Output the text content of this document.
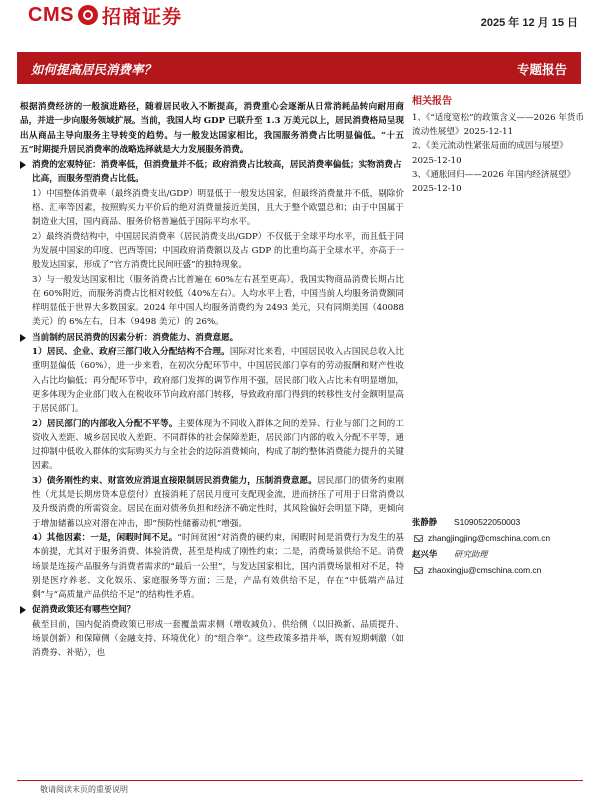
CMS 招商证券	2025 年 12 月 15 日
如何提高居民消费率？	专题报告
根据消费经济的一般演进路径，随着居民收入不断提高，消费重心会逐渐从日常消耗品转向耐用商品，并进一步向服务领域扩展。当前，我国人均 GDP 已联升至 1.3 万美元以上，居民消费格局呈现出从商品主导向服务主导转变的趋势。与一般发达国家相比，我国服务消费占比明显偏低。“十五五”时期提升居民消费率的战略选择就是大力发展服务消费。
消费的宏观特征：消费率低，但消费量并不低；政府消费占比较高，居民消费率偏低；实物消费占比高，而服务型消费占比低。
1）中国整体消费率（最终消费支出/GDP）明显低于一般发达国家，但最终消费量并不低，剔除价格、汇率等因素，按照购买力平价后的绝对消费量接近美国，且大于整个欧盟总和；由于中国属于制造业大国，国内商品、服务价格普遍低于国际平均水平。
2）最终消费结构中，中国居民消费率（居民消费支出/GDP）不仅低于全球平均水平，而且低于同为发展中国家的印度、巴西等国；中国政府消费额以及占 GDP 的比重均高于全球水平，亦高于一般发达国家，形成了“官方消费比民间旺盛”的独特现象。
3）与一般发达国家相比（服务消费占比普遍在 60%左右甚至更高），我国实物商品消费长期占比在 60%附近，而服务消费占比相对较低（40%左右）。人均水平上看，中国当前人均服务消费额同样明显低于世界大多数国家。2024 年中国人均服务消费约为 2493 美元，只有同期美国（40088 美元）的 6%左右，日本（9498 美元）的 26%。
当前制约居民消费的因素分析：消费能力、消费意愿。
1）居民、企业、政府三部门收入分配结构不合理。国际对比来看，中国居民收入占国民总收入比重明显偏低（60%），进一步来看，在初次分配环节中，中国居民部门享有的劳动报酬和财产性收入占比均偏低；再分配环节中，政府部门发挥的调节作用不强，居民部门收入占比未有明显增加，更多体现为企业部门收入在税收环节向政府部门转移，导致政府部门得到的转移性支付金额明显高于居民部门。
2）居民部门的内部收入分配不平等。主要体现为不同收入群体之间的差异、行业与部门之间的工资收入差距、城乡居民收入差距、不同群体的社会保障差距，居民部门内部的收入分配不平等，通过抑制中低收入群体的实际购买力与全社会的边际消费倾向，构成了制约整体消费能力提升的关键因素。
3）债务刚性约束、财富效应消退直接限制居民消费能力，压制消费意愿。居民部门的债务约束刚性（尤其是长期房贷本息偿付）直接消耗了居民月度可支配现金流，进而挤压了可用于日常消费以及升级消费的所需资金。居民在面对债务负担和经济不确定性时，其风险偏好会明显下降，更倾向于增加储蓄以应对潜在冲击，即“预防性储蓄动机”增强。
4）其他因素：一是，闲暇时间不足。“时间贫困”对消费的硬约束，闲暇时间是消费行为发生的基本前提，尤其对于服务消费、体验消费，甚至是构成了刚性约束；二是，消费场景供给不足。消费场景是连接产品服务与消费者需求的“最后一公里”，与发达国家相比，国内消费场景相对不足，特别是医疗养老、文化娱乐、家庭服务等方面；三是，产品有效供给不足，存在“中低端产品过剩”与“高质量产品供给不足”的结构性矛盾。
促消费政策还有哪些空间？
截至目前，国内促消费政策已形成一套覆盖需求侧（增收减负）、供给侧（以旧换新、品质提升、场景创新）和保障侧（金融支持、环境优化）的“组合拳”。这些政策多措并举，既有短期刺激（如消费券、补贴），也
相关报告
1、《“适度宽松”的政策含义——2026 年货币流动性展望》2025-12-11
2、《美元流动性紧张局面的成因与展望》2025-12-10
3、《通胀回归——2026 年国内经济展望》2025-12-10
张静静	S1090522050003
zhangjingjing@cmschina.com.cn
赵兴华	研究助理
zhaoxingju@cmschina.com.cn
敬请阅读末页的重要说明
